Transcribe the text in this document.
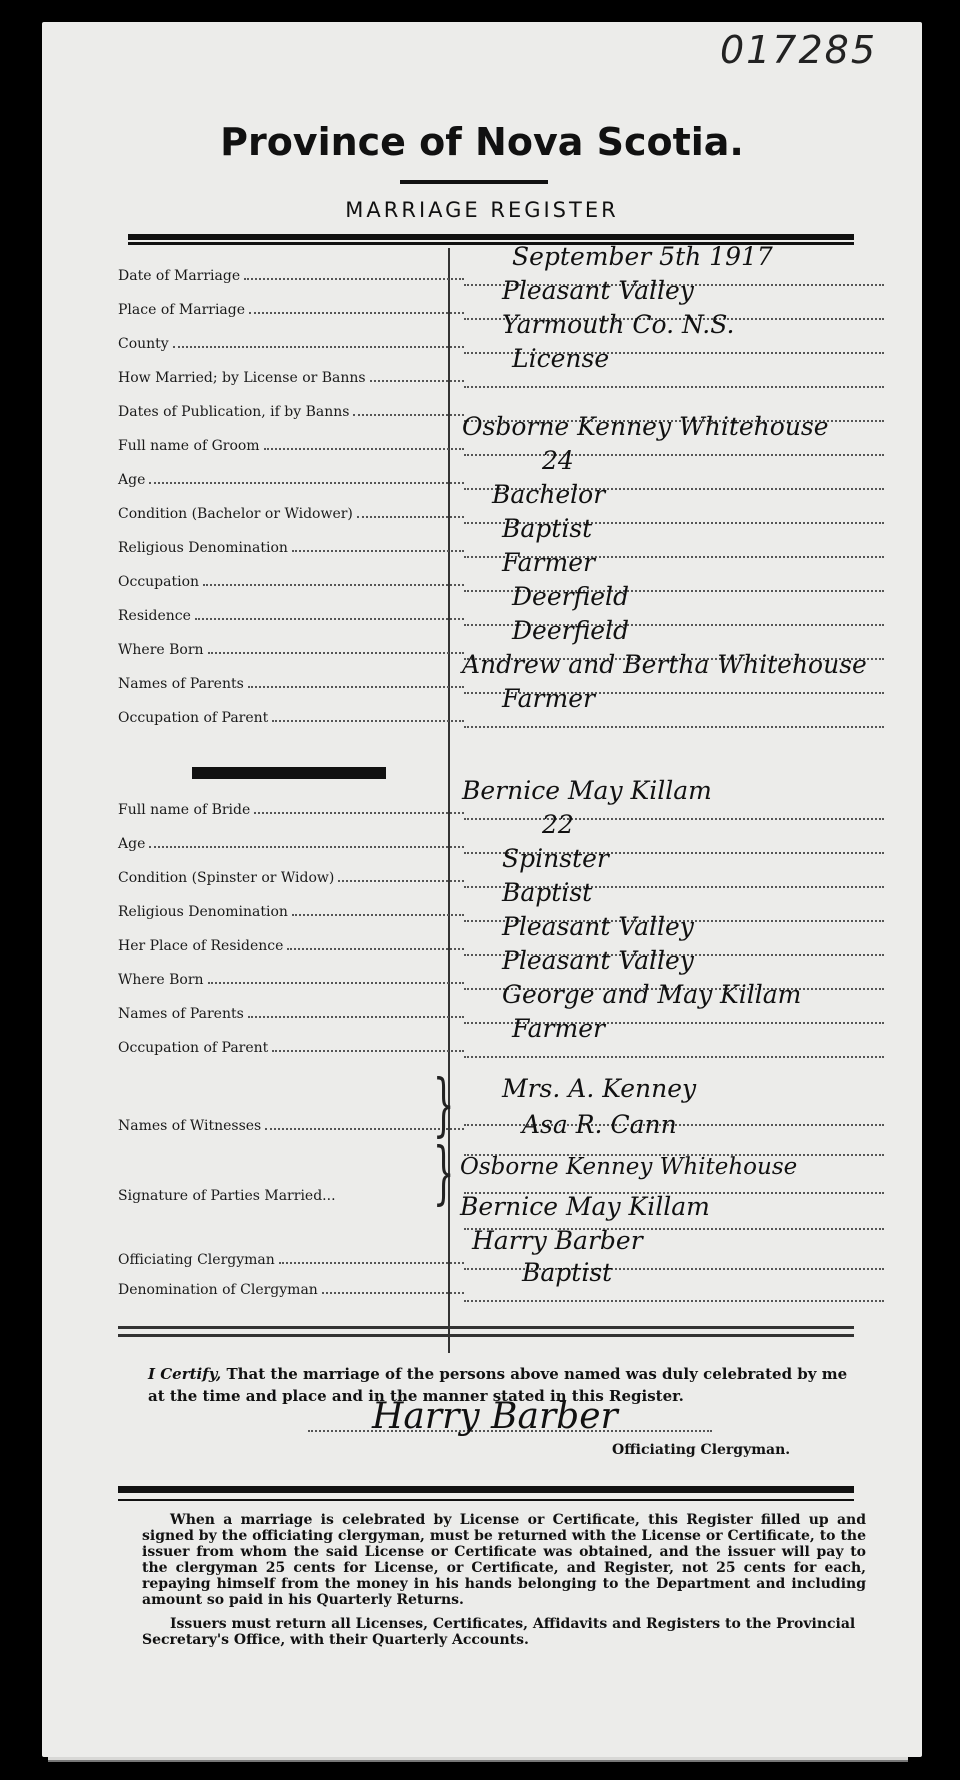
017285
Province of Nova Scotia.
MARRIAGE REGISTER
Date of Marriage
September 5th 1917
Place of Marriage
Pleasant Valley
County
Yarmouth Co. N.S.
How Married; by License or Banns
License
Dates of Publication, if by Banns
Full name of Groom
Osborne Kenney Whitehouse
Age
24
Condition (Bachelor or Widower)
Bachelor
Religious Denomination
Baptist
Occupation
Farmer
Residence
Deerfield
Where Born
Deerfield
Names of Parents
Andrew and Bertha Whitehouse
Occupation of Parent
Farmer
Full name of Bride
Bernice May Killam
Age
22
Condition (Spinster or Widow)
Spinster
Religious Denomination
Baptist
Her Place of Residence
Pleasant Valley
Where Born
Pleasant Valley
Names of Parents
George and May Killam
Occupation of Parent
Farmer
Names of Witnesses	} Mrs. A. Kenney
Asa R. Cann
Signature of Parties Married... } Osborne Kenney Whitehouse
Bernice May Killam
Officiating Clergyman
Harry Barber
Denomination of Clergyman
Baptist
I Certify, That the marriage of the persons above named was duly celebrated by me at the time and place and in the manner stated in this Register.
Harry Barber
Officiating Clergyman.
When a marriage is celebrated by License or Certificate, this Register filled up and signed by the officiating clergyman, must be returned with the License or Certificate, to the issuer from whom the said License or Certificate was obtained, and the issuer will pay to the clergyman 25 cents for License, or Certificate, and Register, not 25 cents for each, repaying himself from the money in his hands belonging to the Department and including amount so paid in his Quarterly Returns.
Issuers must return all Licenses, Certificates, Affidavits and Registers to the Provincial Secretary's Office, with their Quarterly Accounts.
